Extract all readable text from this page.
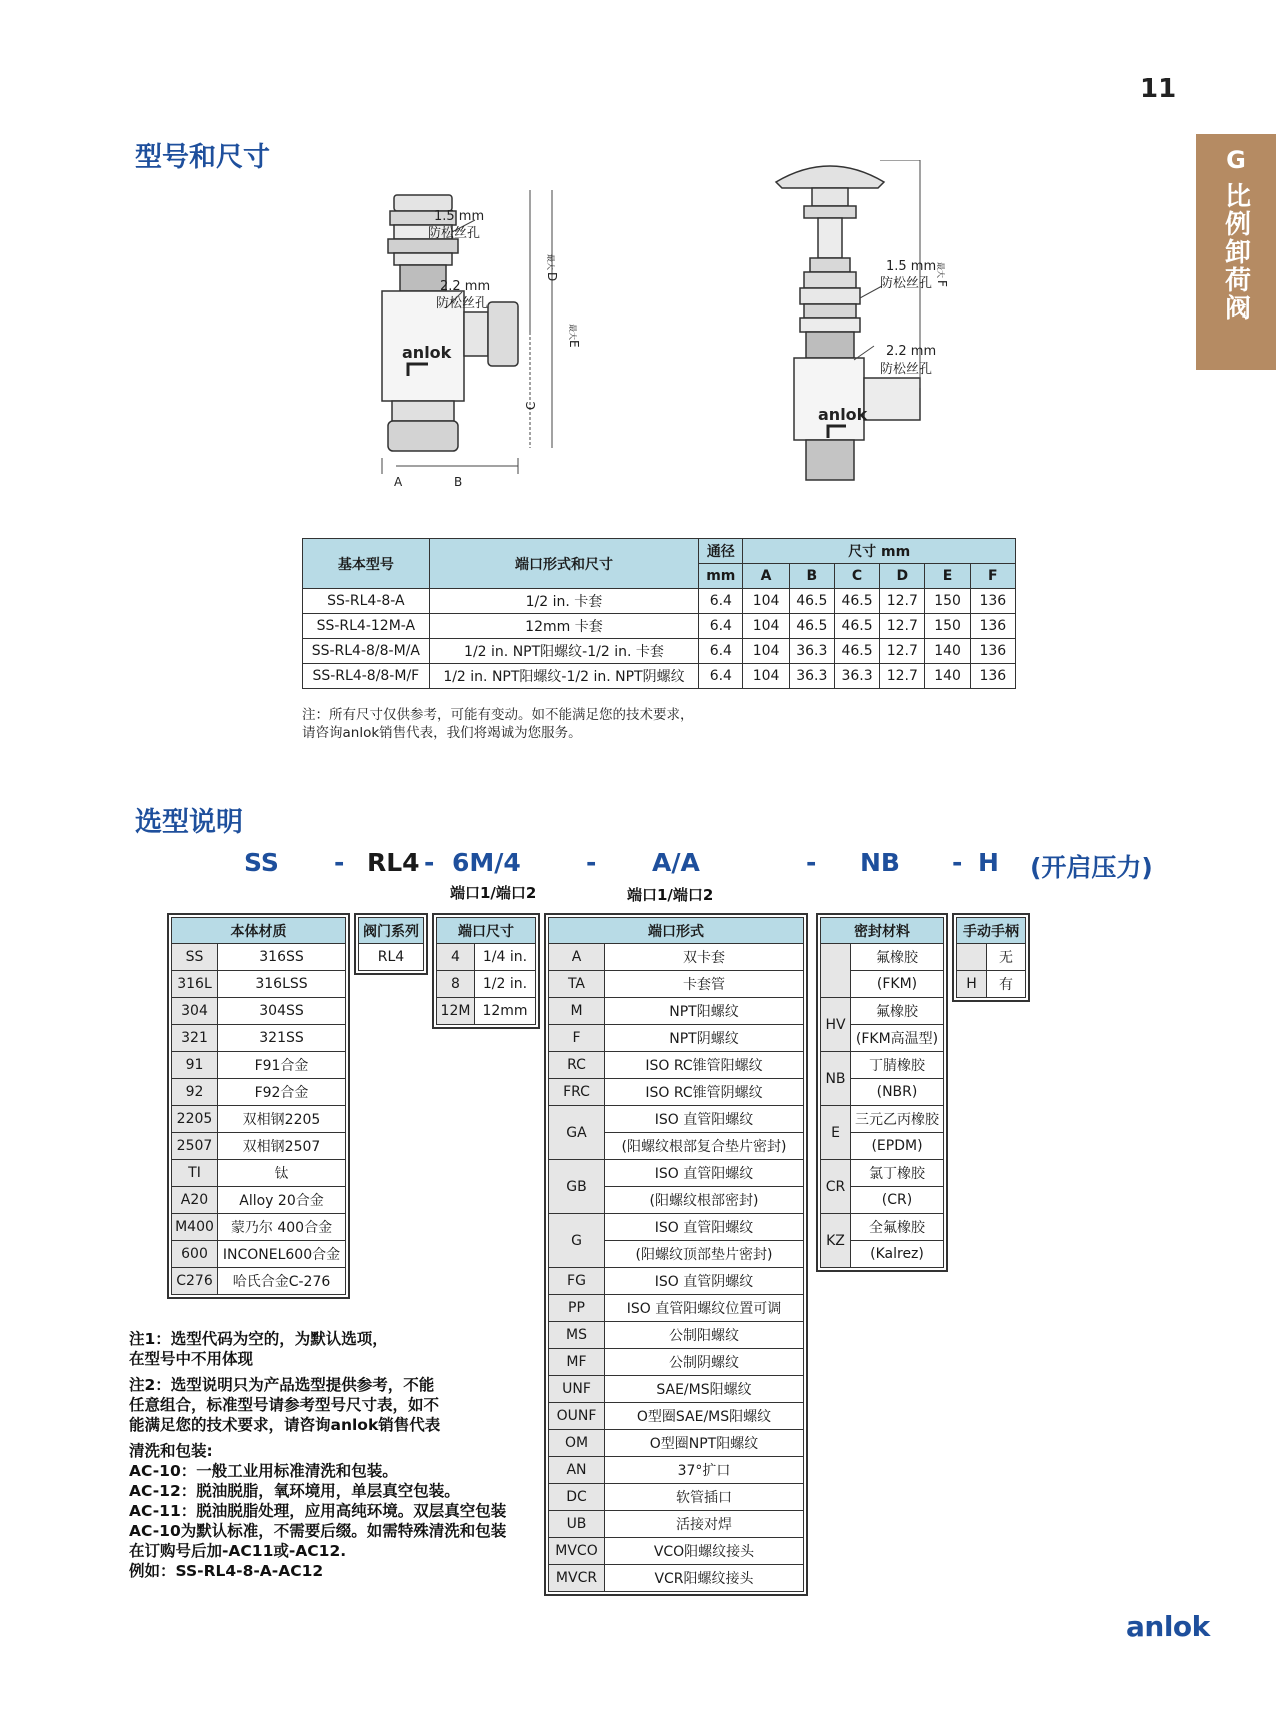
11
G
比例卸荷阀
型号和尺寸
anlok
1.5 mm
防松丝孔
2.2 mm
防松丝孔
A	B
C
D
最大
E
最大
anlok
1.5 mm
防松丝孔
2.2 mm
防松丝孔
F
最大
基本型号	端口形式和尺寸	通径	尺寸 mm					
		mm	A	B	C	D	E	F
SS-RL4-8-A	1/2 in. 卡套	6.4	104	46.5	46.5	12.7	150	136
SS-RL4-12M-A	12mm 卡套	6.4	104	46.5	46.5	12.7	150	136
SS-RL4-8/8-M/A	1/2 in. NPT阳螺纹-1/2 in. 卡套	6.4	104	36.3	46.5	12.7	140	136
SS-RL4-8/8-M/F	1/2 in. NPT阳螺纹-1/2 in. NPT阴螺纹	6.4	104	36.3	36.3	12.7	140	136
注：所有尺寸仅供参考，可能有变动。如不能满足您的技术要求，
请咨询anlok销售代表，我们将竭诚为您服务。
选型说明
SS - RL4 - 6M/4	- A/A	- NB - H (开启压力)
端口1/端口2	端口1/端口2
本体材质	
SS	316SS
316L	316LSS
304	304SS
321	321SS
91	F91合金
92	F92合金
2205	双相钢2205
2507	双相钢2507
TI	钛
A20	Alloy 20合金
M400	蒙乃尔 400合金
600	INCONEL600合金
C276	哈氏合金C-276
阀门系列
RL4
端口尺寸	
4	1/4 in.
8	1/2 in.
12M	12mm
端口形式	
A	双卡套
TA	卡套管
M	NPT阳螺纹
F	NPT阴螺纹
RC	ISO RC锥管阳螺纹
FRC	ISO RC锥管阴螺纹
GA	ISO 直管阳螺纹
	(阳螺纹根部复合垫片密封)
GB	ISO 直管阳螺纹
	(阳螺纹根部密封)
G	ISO 直管阳螺纹
	(阳螺纹顶部垫片密封)
FG	ISO 直管阴螺纹
PP	ISO 直管阳螺纹位置可调
MS	公制阳螺纹
MF	公制阴螺纹
UNF	SAE/MS阳螺纹
OUNF	O型圈SAE/MS阳螺纹
OM	O型圈NPT阳螺纹
AN	37°扩口
DC	软管插口
UB	活接对焊
MVCO	VCO阳螺纹接头
MVCR	VCR阳螺纹接头
密封材料	
	氟橡胶
	(FKM)
HV	氟橡胶
	(FKM高温型)
NB	丁腈橡胶
	(NBR)
E	三元乙丙橡胶
	(EPDM)
CR	氯丁橡胶
	(CR)
KZ	全氟橡胶
	(Kalrez)
手动手柄	
	无
H	有

注1：选型代码为空的，为默认选项，
在型号中不用体现

注2：选型说明只为产品选型提供参考，不能
任意组合，标准型号请参考型号尺寸表，如不
能满足您的技术要求，请咨询anlok销售代表

清洗和包装:
AC-10：一般工业用标准清洗和包装。
AC-12：脱油脱脂，氧环境用，单层真空包装。
AC-11：脱油脱脂处理，应用高纯环境。双层真空包装
AC-10为默认标准，不需要后缀。如需特殊清洗和包装
在订购号后加-AC11或-AC12.
例如：SS-RL4-8-A-AC12

anlok
